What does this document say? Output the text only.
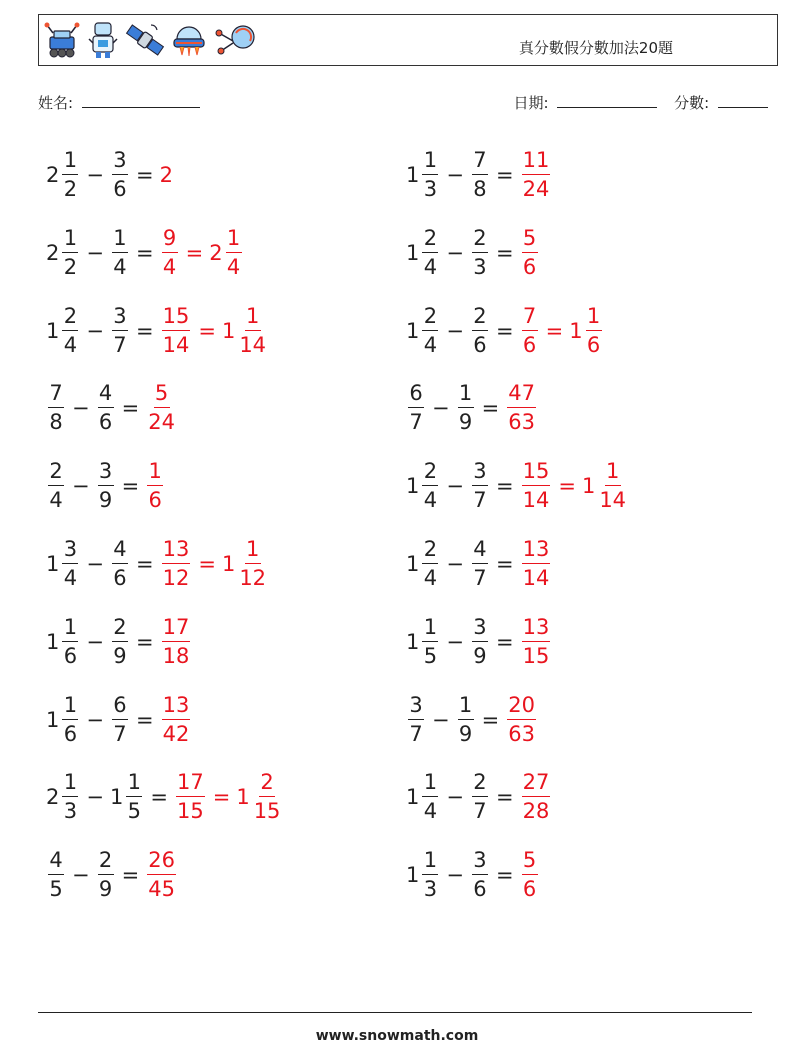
真分數假分數加法20題
姓名:	日期:	分數:
$2 \frac{1}{2} - \frac{3}{6} = 2$	$1 \frac{1}{3} - \frac{7}{8} = \frac{11}{24}$
$2 \frac{1}{2} - \frac{1}{4} = \frac{9}{4} = 2 \frac{1}{4}$	$1 \frac{2}{4} - \frac{2}{3} = \frac{5}{6}$
$1 \frac{2}{4} - \frac{3}{7} = \frac{15}{14} = 1 \frac{1}{14}$	$1 \frac{2}{4} - \frac{2}{6} = \frac{7}{6} = 1 \frac{1}{6}$
$\frac{7}{8} - \frac{4}{6} = \frac{5}{24}$	$\frac{6}{7} - \frac{1}{9} = \frac{47}{63}$
$\frac{2}{4} - \frac{3}{9} = \frac{1}{6}$	$1 \frac{2}{4} - \frac{3}{7} = \frac{15}{14} = 1 \frac{1}{14}$
$1 \frac{3}{4} - \frac{4}{6} = \frac{13}{12} = 1 \frac{1}{12}$	$1 \frac{2}{4} - \frac{4}{7} = \frac{13}{14}$
$1 \frac{1}{6} - \frac{2}{9} = \frac{17}{18}$	$1 \frac{1}{5} - \frac{3}{9} = \frac{13}{15}$
$1 \frac{1}{6} - \frac{6}{7} = \frac{13}{42}$	$\frac{3}{7} - \frac{1}{9} = \frac{20}{63}$
$2 \frac{1}{3} - 1 \frac{1}{5} = \frac{17}{15} = 1 \frac{2}{15}$	$1 \frac{1}{4} - \frac{2}{7} = \frac{27}{28}$
$\frac{4}{5} - \frac{2}{9} = \frac{26}{45}$	$1 \frac{1}{3} - \frac{3}{6} = \frac{5}{6}$
www.snowmath.com
